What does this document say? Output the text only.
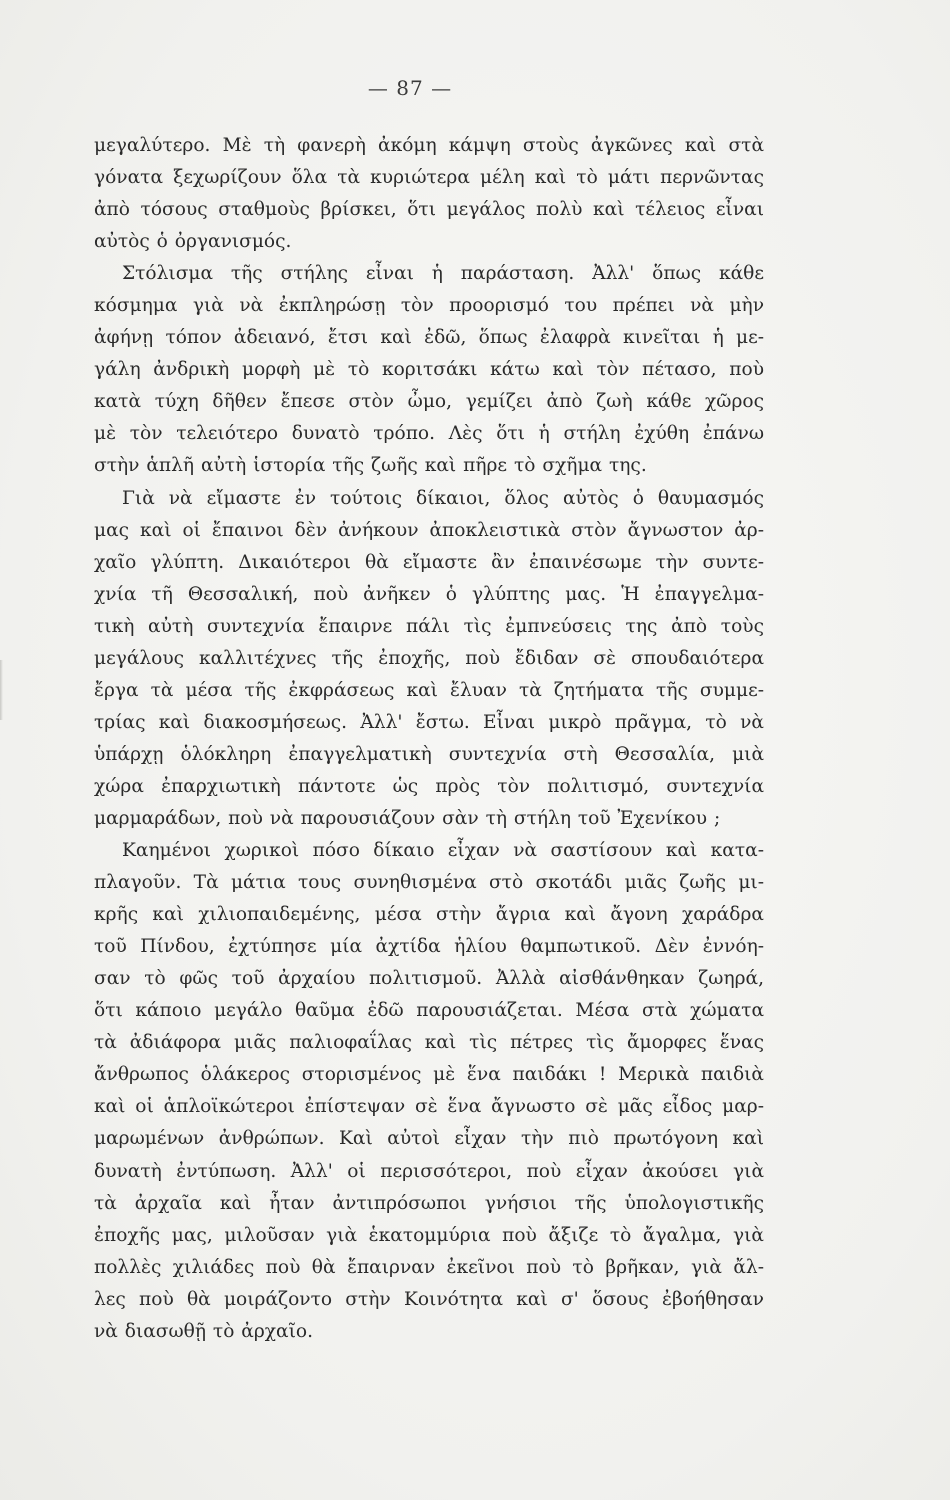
— 87 —
μεγαλύτερο. Μὲ τὴ φανερὴ ἀκόμη κάμψη στοὺς ἀγκῶνες καὶ στὰ
γόνατα ξεχωρίζουν ὅλα τὰ κυριώτερα μέλη καὶ τὸ μάτι περνῶντας
ἀπὸ τόσους σταθμοὺς βρίσκει, ὅτι μεγάλος πολὺ καὶ τέλειος εἶναι
αὐτὸς ὁ ὀργανισμός.
Στόλισμα τῆς στήλης εἶναι ἡ παράσταση. Ἀλλ' ὅπως κάθε
κόσμημα γιὰ νὰ ἐκπληρώσῃ τὸν προορισμό του πρέπει νὰ μὴν
ἀφήνῃ τόπον ἀδειανό, ἔτσι καὶ ἐδῶ, ὅπως ἐλαφρὰ κινεῖται ἡ με-
γάλη ἀνδρικὴ μορφὴ μὲ τὸ κοριτσάκι κάτω καὶ τὸν πέτασο, ποὺ
κατὰ τύχη δῆθεν ἔπεσε στὸν ὦμο, γεμίζει ἀπὸ ζωὴ κάθε χῶρος
μὲ τὸν τελειότερο δυνατὸ τρόπο. Λὲς ὅτι ἡ στήλη ἐχύθη ἐπάνω
στὴν ἁπλῆ αὐτὴ ἱστορία τῆς ζωῆς καὶ πῆρε τὸ σχῆμα της.
Γιὰ νὰ εἴμαστε ἐν τούτοις δίκαιοι, ὅλος αὐτὸς ὁ θαυμασμός
μας καὶ οἱ ἔπαινοι δὲν ἀνήκουν ἀποκλειστικὰ στὸν ἄγνωστον ἀρ-
χαῖο γλύπτη. Δικαιότεροι θὰ εἴμαστε ἂν ἐπαινέσωμε τὴν συντε-
χνία τῆ Θεσσαλική, ποὺ ἀνῆκεν ὁ γλύπτης μας. Ἡ ἐπαγγελμα-
τικὴ αὐτὴ συντεχνία ἔπαιρνε πάλι τὶς ἐμπνεύσεις της ἀπὸ τοὺς
μεγάλους καλλιτέχνες τῆς ἐποχῆς, ποὺ ἔδιδαν σὲ σπουδαιότερα
ἔργα τὰ μέσα τῆς ἐκφράσεως καὶ ἔλυαν τὰ ζητήματα τῆς συμμε-
τρίας καὶ διακοσμήσεως. Ἀλλ' ἔστω. Εἶναι μικρὸ πρᾶγμα, τὸ νὰ
ὑπάρχῃ ὁλόκληρη ἐπαγγελματικὴ συντεχνία στὴ Θεσσαλία, μιὰ
χώρα ἐπαρχιωτικὴ πάντοτε ὡς πρὸς τὸν πολιτισμό, συντεχνία
μαρμαράδων, ποὺ νὰ παρουσιάζουν σὰν τὴ στήλη τοῦ Ἐχενίκου ;
Καημένοι χωρικοὶ πόσο δίκαιο εἶχαν νὰ σαστίσουν καὶ κατα-
πλαγοῦν. Τὰ μάτια τους συνηθισμένα στὸ σκοτάδι μιᾶς ζωῆς μι-
κρῆς καὶ χιλιοπαιδεμένης, μέσα στὴν ἄγρια καὶ ἄγονη χαράδρα
τοῦ Πίνδου, ἐχτύπησε μία ἀχτίδα ἡλίου θαμπωτικοῦ. Δὲν ἐννόη-
σαν τὸ φῶς τοῦ ἀρχαίου πολιτισμοῦ. Ἀλλὰ αἰσθάνθηκαν ζωηρά,
ὅτι κάποιο μεγάλο θαῦμα ἐδῶ παρουσιάζεται. Μέσα στὰ χώματα
τὰ ἀδιάφορα μιᾶς παλιοφαΐλας καὶ τὶς πέτρες τὶς ἄμορφες ἕνας
ἄνθρωπος ὁλάκερος στορισμένος μὲ ἕνα παιδάκι ! Μερικὰ παιδιὰ
καὶ οἱ ἁπλοϊκώτεροι ἐπίστεψαν σὲ ἕνα ἄγνωστο σὲ μᾶς εἶδος μαρ-
μαρωμένων ἀνθρώπων. Καὶ αὐτοὶ εἶχαν τὴν πιὸ πρωτόγονη καὶ
δυνατὴ ἐντύπωση. Ἀλλ' οἱ περισσότεροι, ποὺ εἶχαν ἀκούσει γιὰ
τὰ ἀρχαῖα καὶ ἦταν ἀντιπρόσωποι γνήσιοι τῆς ὑπολογιστικῆς
ἐποχῆς μας, μιλοῦσαν γιὰ ἑκατομμύρια ποὺ ἄξιζε τὸ ἄγαλμα, γιὰ
πολλὲς χιλιάδες ποὺ θὰ ἔπαιρναν ἐκεῖνοι ποὺ τὸ βρῆκαν, γιὰ ἄλ-
λες ποὺ θὰ μοιράζοντο στὴν Κοινότητα καὶ σ' ὅσους ἐβοήθησαν
νὰ διασωθῇ τὸ ἀρχαῖο.
